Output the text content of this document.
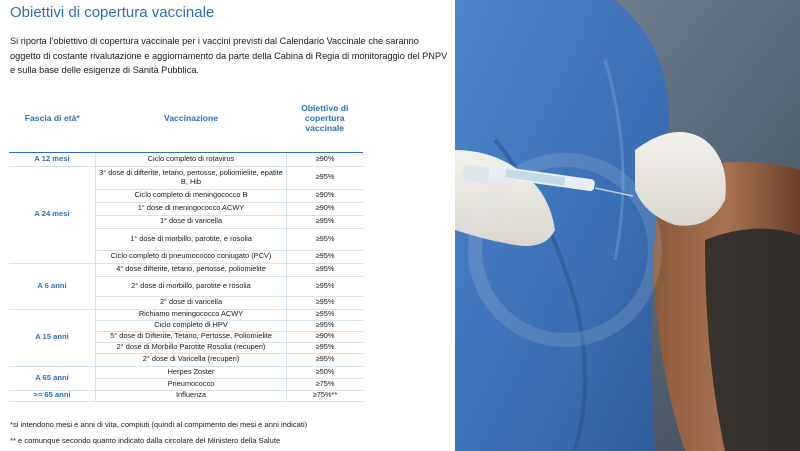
Obiettivi di copertura vaccinale
Si riporta l’obiettivo di copertura vaccinale per i vaccini previsti dal Calendario Vaccinale che saranno oggetto di costante rivalutazione e aggiornamento da parte della Cabina di Regia di monitoraggio del PNPV e sulla base delle esigenze di Sanità Pubblica.
Fascia di età*	Vaccinazione	Obiettivo di copertura vaccinale
A 12 mesi	Ciclo completo di rotavirus	≥90%
A 24 mesi	3° dose di difterite, tetano, pertosse, poliomielite, epatite B, Hib	≥95%
	Ciclo completo di meningococco B	≥90%
	1° dose di meningococco ACWY	≥90%
	1° dose di varicella	≥95%
	1° dose di morbillo, parotite, e rosolia	≥95%
	Ciclo completo di pneumococco coniugato (PCV)	≥95%
A 6 anni	4° dose difterite, tetano, pertosse, poliomielite	≥95%
	2° dose di morbillo, parotite e rosolia	≥95%
	2° dose di varicella	≥95%
A 15 anni	Richiamo meningococco ACWY	≥95%
	Ciclo completo di HPV	≥95%
	5° dose di Difterite, Tetano, Pertosse, Poliomielite	≥90%
	2° dose di Morbillo Parotite Rosolia (recuperi)	≥95%
	2° dose di Varicella (recuperi)	≥95%
A 65 anni	Herpes Zoster	≥50%
	Pneumococco	≥75%
>= 65 anni	Influenza	≥75%**
*si intendono mesi e anni di vita, compiuti (quindi al compimento dei mesi e anni indicati)
** e comunque secondo quanto indicato dalla circolare del Ministero della Salute
